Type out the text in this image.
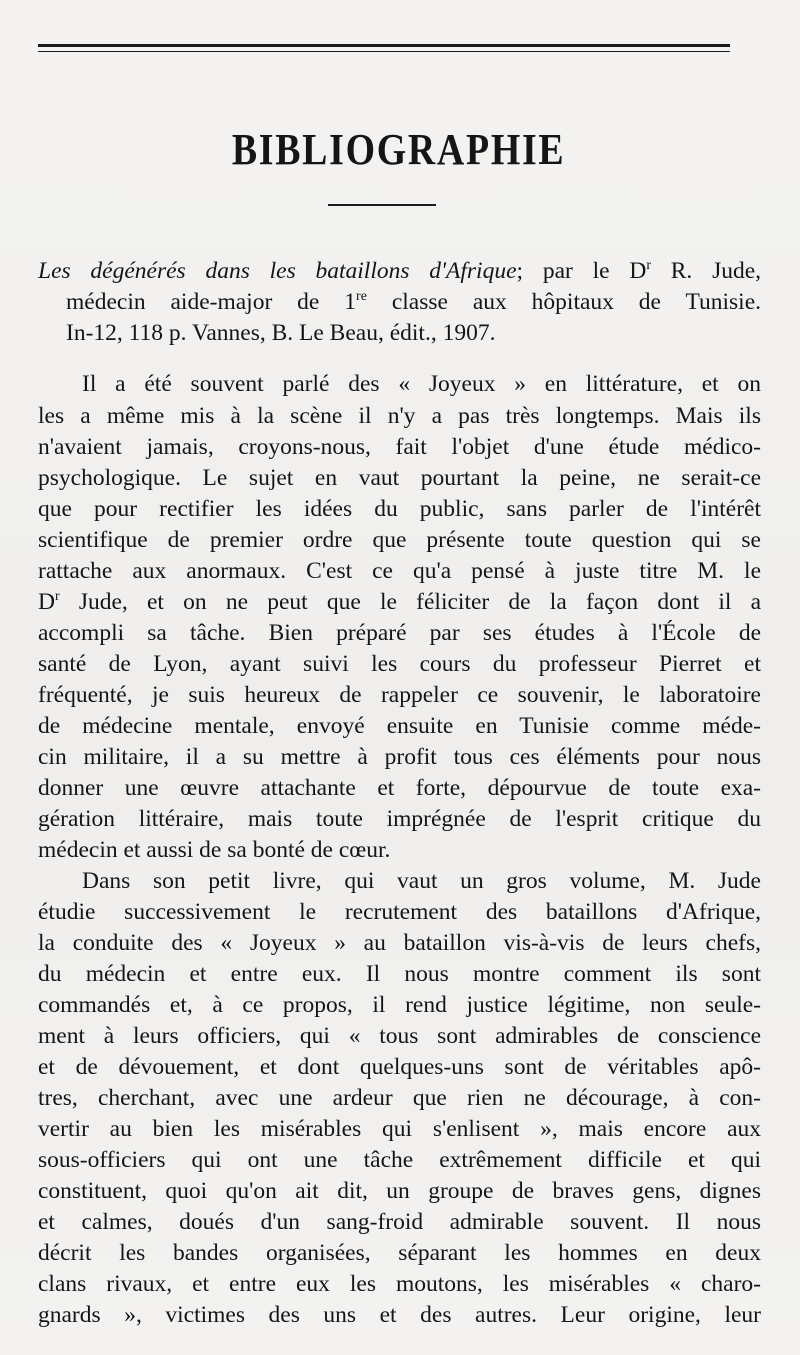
BIBLIOGRAPHIE
Les dégénérés dans les bataillons d'Afrique; par le $D^r$ R. Jude,
médecin aide-major de 1re classe aux hôpitaux de Tunisie.
In-12, 118 p. Vannes, B. Le Beau, édit., 1907.
Il a été souvent parlé des « Joyeux » en littérature, et on
les a même mis à la scène il n'y a pas très longtemps. Mais ils
n'avaient jamais, croyons-nous, fait l'objet d'une étude médico-
psychologique. Le sujet en vaut pourtant la peine, ne serait-ce
que pour rectifier les idées du public, sans parler de l'intérêt
scientifique de premier ordre que présente toute question qui se
rattache aux anormaux. C'est ce qu'a pensé à juste titre M. le
$D^r$ Jude, et on ne peut que le féliciter de la façon dont il a
accompli sa tâche. Bien préparé par ses études à l'École de
santé de Lyon, ayant suivi les cours du professeur Pierret et
fréquenté, je suis heureux de rappeler ce souvenir, le laboratoire
de médecine mentale, envoyé ensuite en Tunisie comme méde-
cin militaire, il a su mettre à profit tous ces éléments pour nous
donner une œuvre attachante et forte, dépourvue de toute exa-
gération littéraire, mais toute imprégnée de l'esprit critique du
médecin et aussi de sa bonté de cœur.
Dans son petit livre, qui vaut un gros volume, M. Jude
étudie successivement le recrutement des bataillons d'Afrique,
la conduite des « Joyeux » au bataillon vis-à-vis de leurs chefs,
du médecin et entre eux. Il nous montre comment ils sont
commandés et, à ce propos, il rend justice légitime, non seule-
ment à leurs officiers, qui « tous sont admirables de conscience
et de dévouement, et dont quelques-uns sont de véritables apô-
tres, cherchant, avec une ardeur que rien ne décourage, à con-
vertir au bien les misérables qui s'enlisent », mais encore aux
sous-officiers qui ont une tâche extrêmement difficile et qui
constituent, quoi qu'on ait dit, un groupe de braves gens, dignes
et calmes, doués d'un sang-froid admirable souvent. Il nous
décrit les bandes organisées, séparant les hommes en deux
clans rivaux, et entre eux les moutons, les misérables « charo-
gnards », victimes des uns et des autres. Leur origine, leur
